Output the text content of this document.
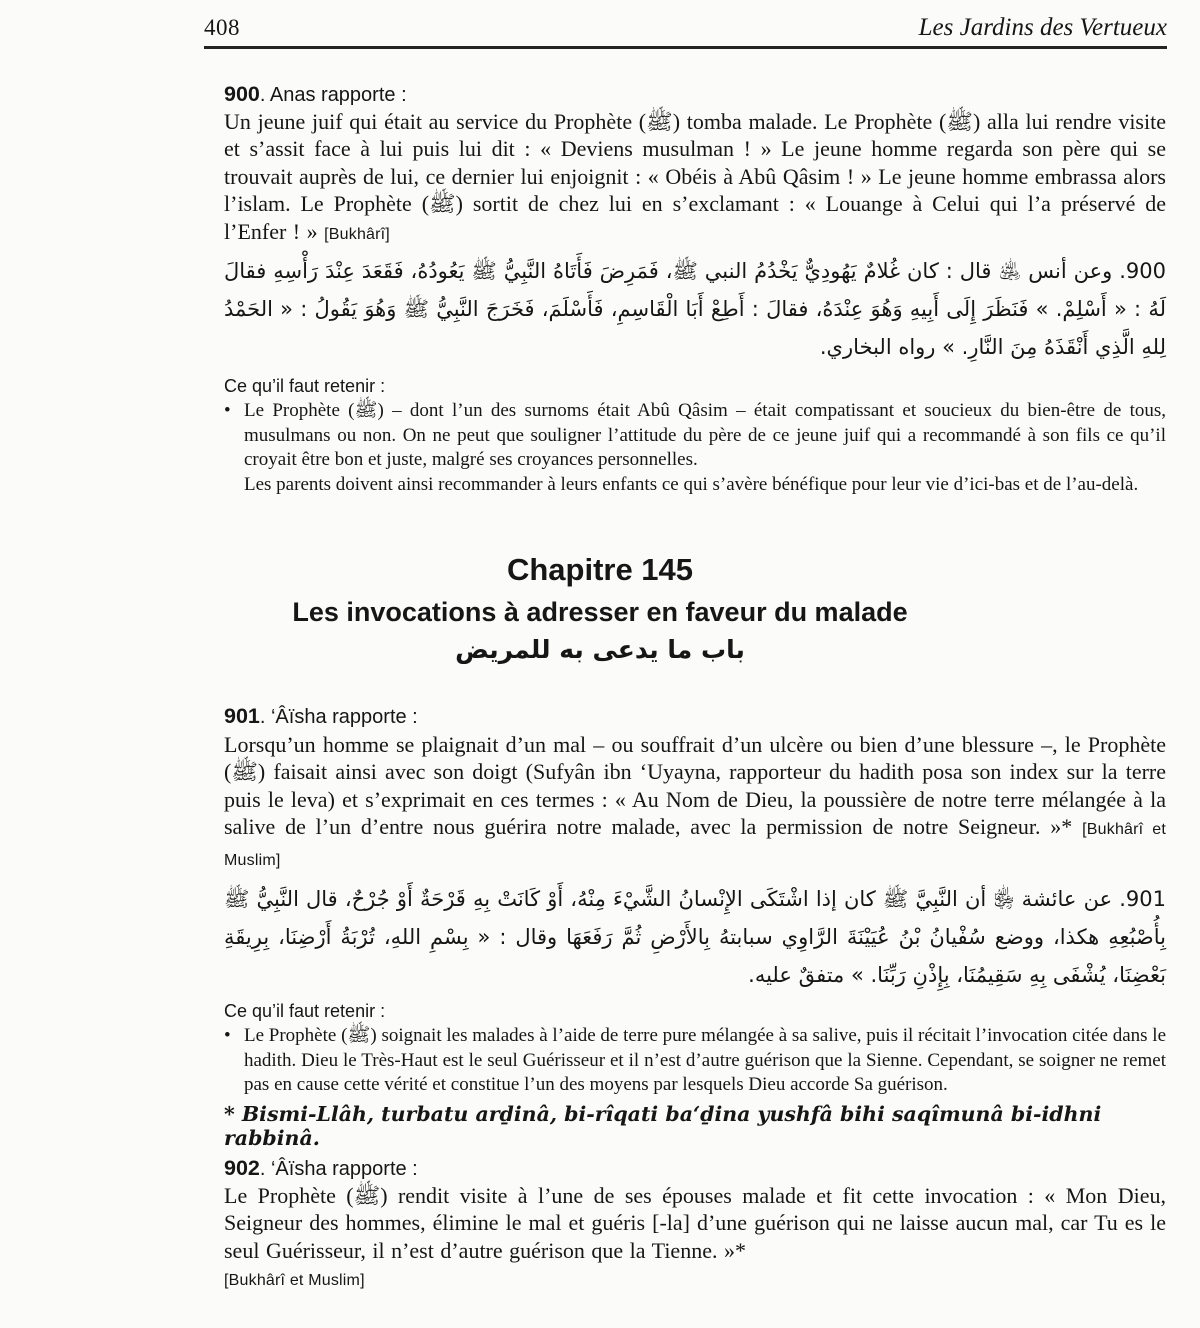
408	Les Jardins des Vertueux
900. Anas rapporte :

Un jeune juif qui était au service du Prophète (ﷺ) tomba malade. Le Prophète (ﷺ) alla lui rendre visite et s’assit face à lui puis lui dit : « Deviens musulman ! » Le jeune homme regarda son père qui se trouvait auprès de lui, ce dernier lui enjoignit : « Obéis à Abû Qâsim ! » Le jeune homme embrassa alors l’islam. Le Prophète (ﷺ) sortit de chez lui en s’exclamant : « Louange à Celui qui l’a préservé de l’Enfer ! » [Bukhârî]

900. وعن أنس ﵁ قال : كان غُلامٌ يَهُودِيٌّ يَخْدُمُ النبي ﷺ، فَمَرِضَ فَأَتَاهُ النَّبِيُّ ﷺ يَعُودُهُ، فَقَعَدَ عِنْدَ رَأْسِهِ فقالَ لَهُ : « أَسْلِمْ. » فَنَظَرَ إِلَى أَبِيهِ وَهُوَ عِنْدَهُ، فقالَ : أَطِعْ أَبَا الْقَاسِمِ، فَأَسْلَمَ، فَخَرَجَ النَّبِيُّ ﷺ وَهُوَ يَقُولُ : « الحَمْدُ لِلهِ الَّذِي أَنْقَذَهُ مِنَ النَّارِ. » رواه البخاري.

Ce qu’il faut retenir :
• Le Prophète (ﷺ) – dont l’un des surnoms était Abû Qâsim – était compatissant et soucieux du bien-être de tous, musulmans ou non. On ne peut que souligner l’attitude du père de ce jeune juif qui a recommandé à son fils ce qu’il croyait être bon et juste, malgré ses croyances personnelles.

Les parents doivent ainsi recommander à leurs enfants ce qui s’avère bénéfique pour leur vie d’ici-bas et de l’au-delà.

Chapitre 145
Les invocations à adresser en faveur du malade
باب ما يدعى به للمريض
901. ‘Âïsha rapporte :

Lorsqu’un homme se plaignait d’un mal – ou souffrait d’un ulcère ou bien d’une blessure –, le Prophète (ﷺ) faisait ainsi avec son doigt (Sufyân ibn ‘Uyayna, rapporteur du hadith posa son index sur la terre puis le leva) et s’exprimait en ces termes : « Au Nom de Dieu, la poussière de notre terre mélangée à la salive de l’un d’entre nous guérira notre malade, avec la permission de notre Seigneur. »* [Bukhârî et Muslim]

901. عن عائشة ﵂ أن النَّبِيَّ ﷺ كان إذا اشْتَكَى الإِنْسانُ الشَّيْءَ مِنْهُ، أَوْ كَانَتْ بِهِ قَرْحَةٌ أَوْ جُرْحٌ، قال النَّبِيُّ ﷺ بِأُصْبُعِهِ هكذا، ووضع سُفْيانُ بْنُ عُيَيْنَةَ الرَّاوِي سبابتهُ بِالأَرْضِ ثُمَّ رَفَعَهَا وقال : « بِسْمِ اللهِ، تُرْبَةُ أَرْضِنَا، بِرِيقَةِ بَعْضِنَا، يُشْفَى بِهِ سَقِيمُنَا، بِإِذْنِ رَبِّنَا. » متفقٌ عليه.

Ce qu’il faut retenir :
• Le Prophète (ﷺ) soignait les malades à l’aide de terre pure mélangée à sa salive, puis il récitait l’invocation citée dans le hadith. Dieu le Très-Haut est le seul Guérisseur et il n’est d’autre guérison que la Sienne. Cependant, se soigner ne remet pas en cause cette vérité et constitue l’un des moyens par lesquels Dieu accorde Sa guérison.

* Bismi-Llâh, turbatu arḏinâ, bi-rîqati ba‘ḏina yushfâ bihi saqîmunâ bi-idhni rabbinâ.

902. ‘Âïsha rapporte :

Le Prophète (ﷺ) rendit visite à l’une de ses épouses malade et fit cette invocation : « Mon Dieu, Seigneur des hommes, élimine le mal et guéris [-la] d’une guérison qui ne laisse aucun mal, car Tu es le seul Guérisseur, il n’est d’autre guérison que la Tienne. »*

[Bukhârî et Muslim]
